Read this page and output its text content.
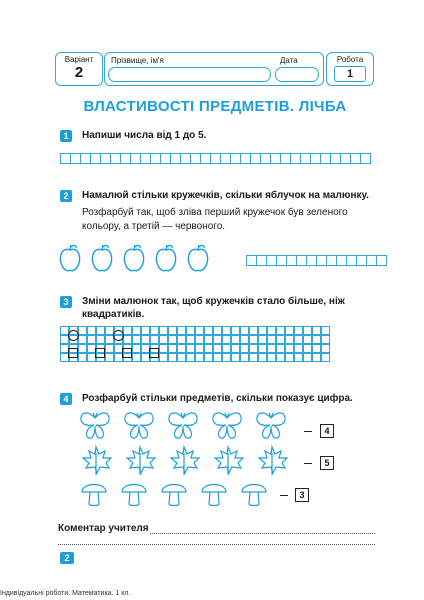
Варіант
2
Прізвище, ім'я	Дата	Робота
1
ВЛАСТИВОСТІ ПРЕДМЕТІВ. ЛІЧБА
1	Напиши числа від 1 до 5.
2	Намалюй стільки кружечків, скільки яблучок на малюнку.
Розфарбуй так, щоб зліва перший кружечок був зеленого кольору, а третій — червоного.
3	Зміни малюнок так, щоб кружечків стало більше, ніж квадратиків.
4	Розфарбуй стільки предметів, скільки показує цифра.
4
5
3
Коментар учителя
2
Індивідуальні роботи. Математика. 1 кл.
